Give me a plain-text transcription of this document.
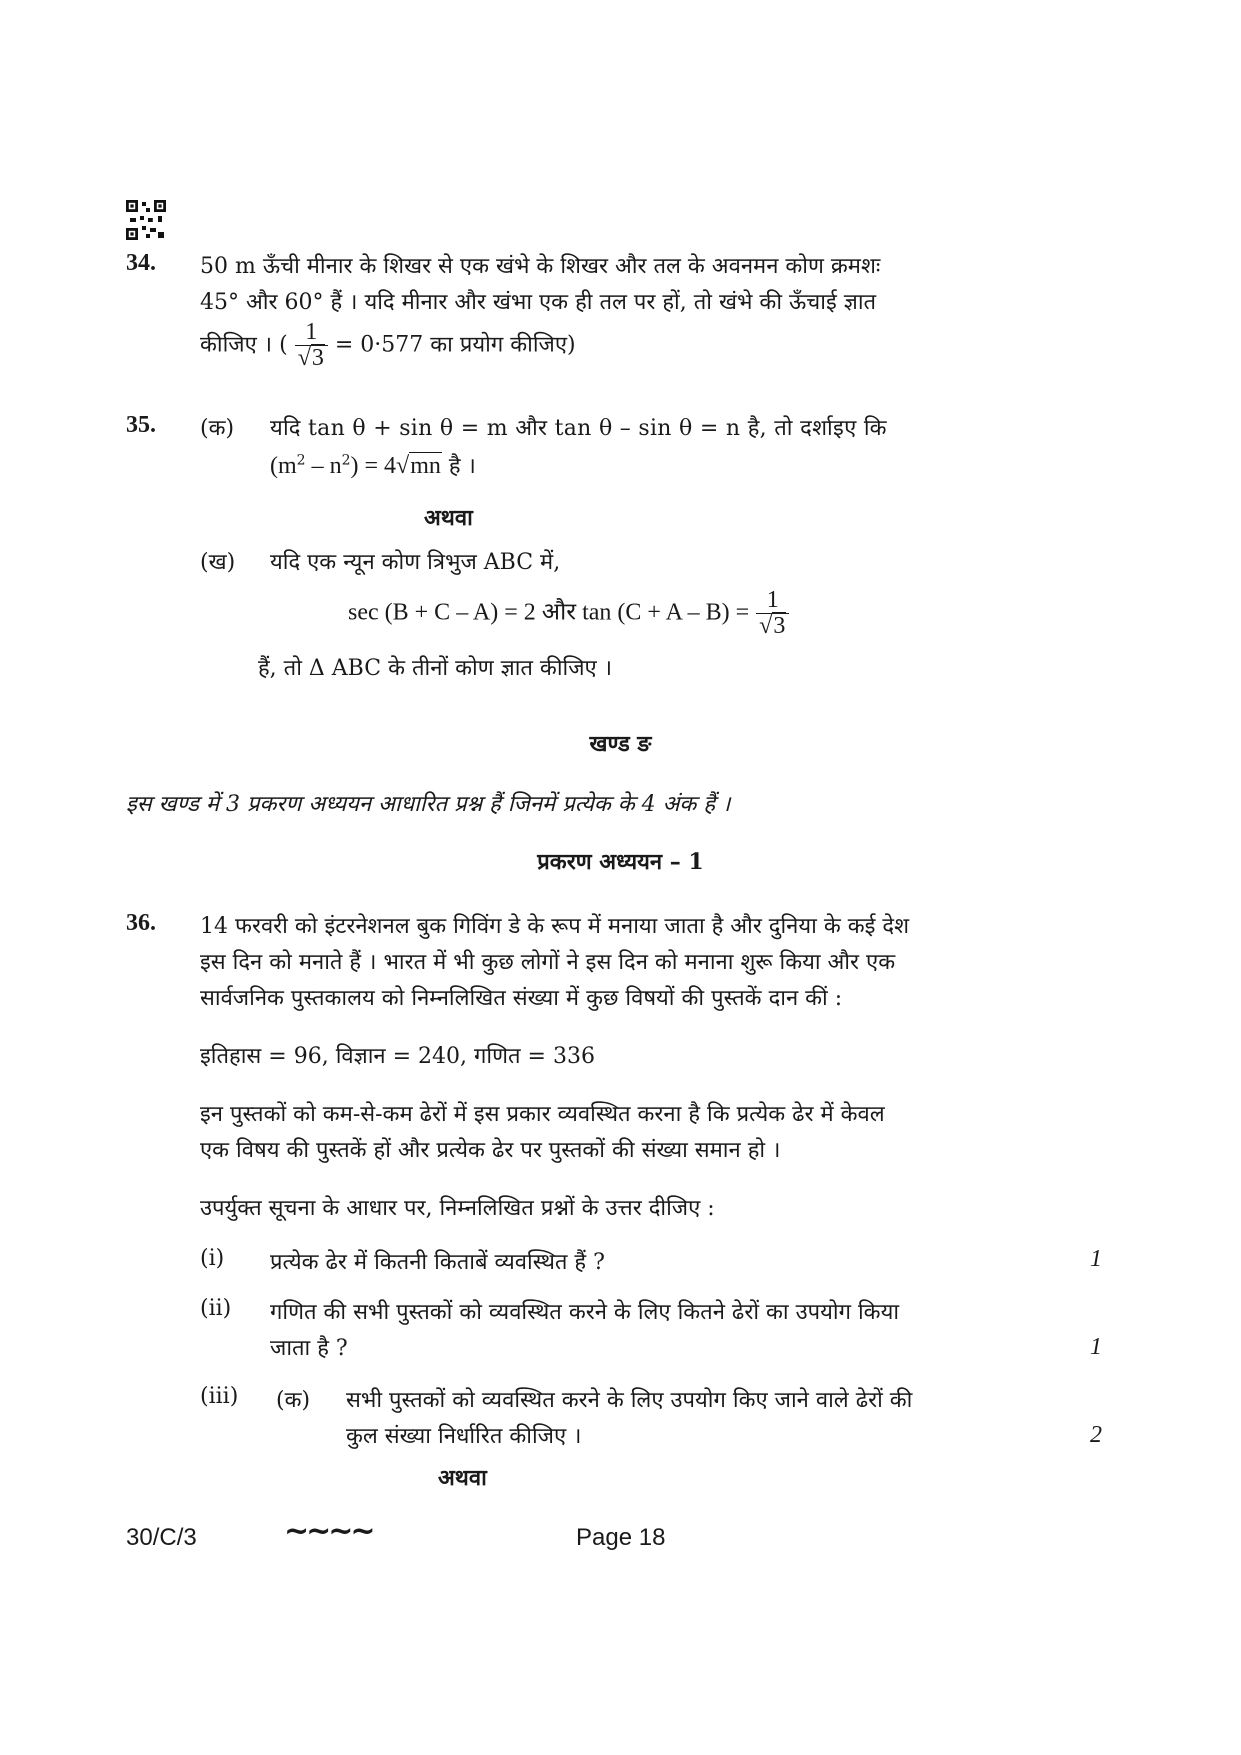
34. 50 m ऊँची मीनार के शिखर से एक खंभे के शिखर और तल के अवनमन कोण क्रमशः
45° और 60° हैं । यदि मीनार और खंभा एक ही तल पर हों, तो खंभे की ऊँचाई ज्ञात
कीजिए । ( $\frac{1}{√3} = 0\cdot 577$ का प्रयोग कीजिए)
35. (क) यदि tan θ + sin θ = m और tan θ – sin θ = n है, तो दर्शाइए कि
$(m^2 - n^2) = 4√mn$ है ।
अथवा
(ख) यदि एक न्यून कोण त्रिभुज ABC में,
sec (B + C – A) = 2 और $\tan (C + A - B) = \frac{1}{√3}$
हैं, तो Δ ABC के तीनों कोण ज्ञात कीजिए ।
खण्ड ङ
इस खण्ड में 3 प्रकरण अध्ययन आधारित प्रश्न हैं जिनमें प्रत्येक के 4 अंक हैं ।
प्रकरण अध्ययन – 1
36. 14 फरवरी को इंटरनेशनल बुक गिविंग डे के रूप में मनाया जाता है और दुनिया के कई देश
इस दिन को मनाते हैं । भारत में भी कुछ लोगों ने इस दिन को मनाना शुरू किया और एक
सार्वजनिक पुस्तकालय को निम्नलिखित संख्या में कुछ विषयों की पुस्तकें दान कीं :
इतिहास = 96, विज्ञान = 240, गणित = 336
इन पुस्तकों को कम-से-कम ढेरों में इस प्रकार व्यवस्थित करना है कि प्रत्येक ढेर में केवल
एक विषय की पुस्तकें हों और प्रत्येक ढेर पर पुस्तकों की संख्या समान हो ।
उपर्युक्त सूचना के आधार पर, निम्नलिखित प्रश्नों के उत्तर दीजिए :
(i) प्रत्येक ढेर में कितनी किताबें व्यवस्थित हैं ?	1
(ii) गणित की सभी पुस्तकों को व्यवस्थित करने के लिए कितने ढेरों का उपयोग किया
जाता है ?	1
(iii) (क) सभी पुस्तकों को व्यवस्थित करने के लिए उपयोग किए जाने वाले ढेरों की
कुल संख्या निर्धारित कीजिए ।	2
अथवा
30/C/3	~~~~	Page 18
